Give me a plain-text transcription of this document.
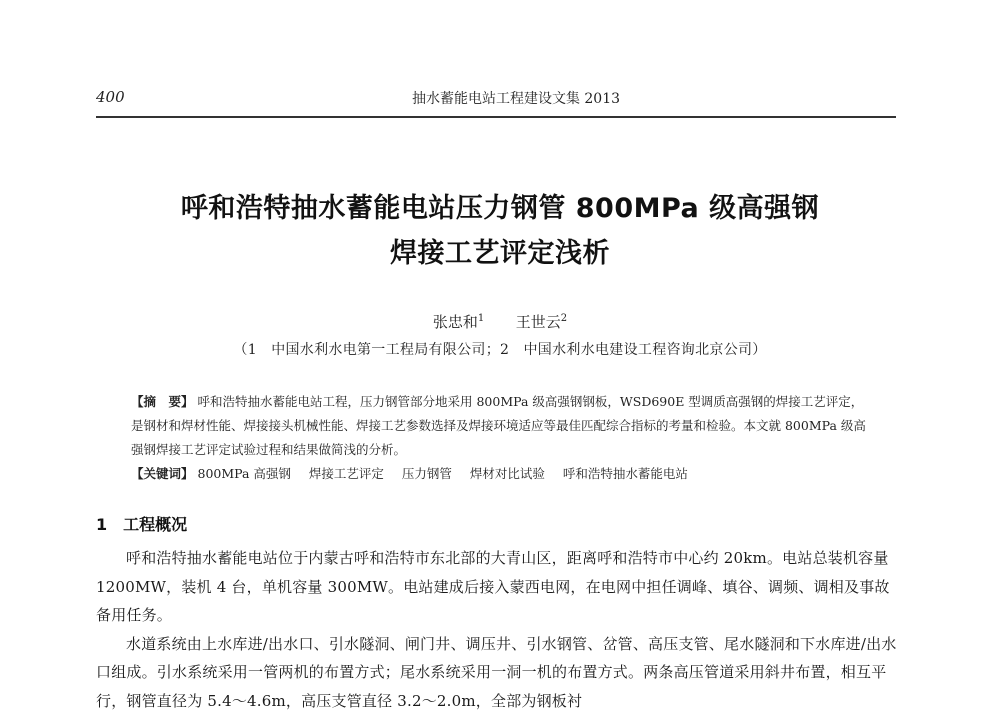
400	抽水蓄能电站工程建设文集 2013
呼和浩特抽水蓄能电站压力钢管 800MPa 级高强钢
焊接工艺评定浅析
张忠和$^1$ 王世云$^2$
（1　中国水利水电第一工程局有限公司；2　中国水利水电建设工程咨询北京公司）
【摘　要】 呼和浩特抽水蓄能电站工程，压力钢管部分地采用 800MPa 级高强钢钢板，WSD690E 型调质高强钢的焊接工艺评定，是钢材和焊材性能、焊接接头机械性能、焊接工艺参数选择及焊接环境适应等最佳匹配综合指标的考量和检验。本文就 800MPa 级高强钢焊接工艺评定试验过程和结果做简浅的分析。
【关键词】 800MPa 高强钢 焊接工艺评定 压力钢管 焊材对比试验 呼和浩特抽水蓄能电站
1 工程概况

呼和浩特抽水蓄能电站位于内蒙古呼和浩特市东北部的大青山区，距离呼和浩特市中心约 20km。电站总装机容量 1200MW，装机 4 台，单机容量 300MW。电站建成后接入蒙西电网，在电网中担任调峰、填谷、调频、调相及事故备用任务。

水道系统由上水库进/出水口、引水隧洞、闸门井、调压井、引水钢管、岔管、高压支管、尾水隧洞和下水库进/出水口组成。引水系统采用一管两机的布置方式；尾水系统采用一洞一机的布置方式。两条高压管道采用斜井布置，相互平行，钢管直径为 5.4～4.6m，高压支管直径 3.2～2.0m，全部为钢板衬
